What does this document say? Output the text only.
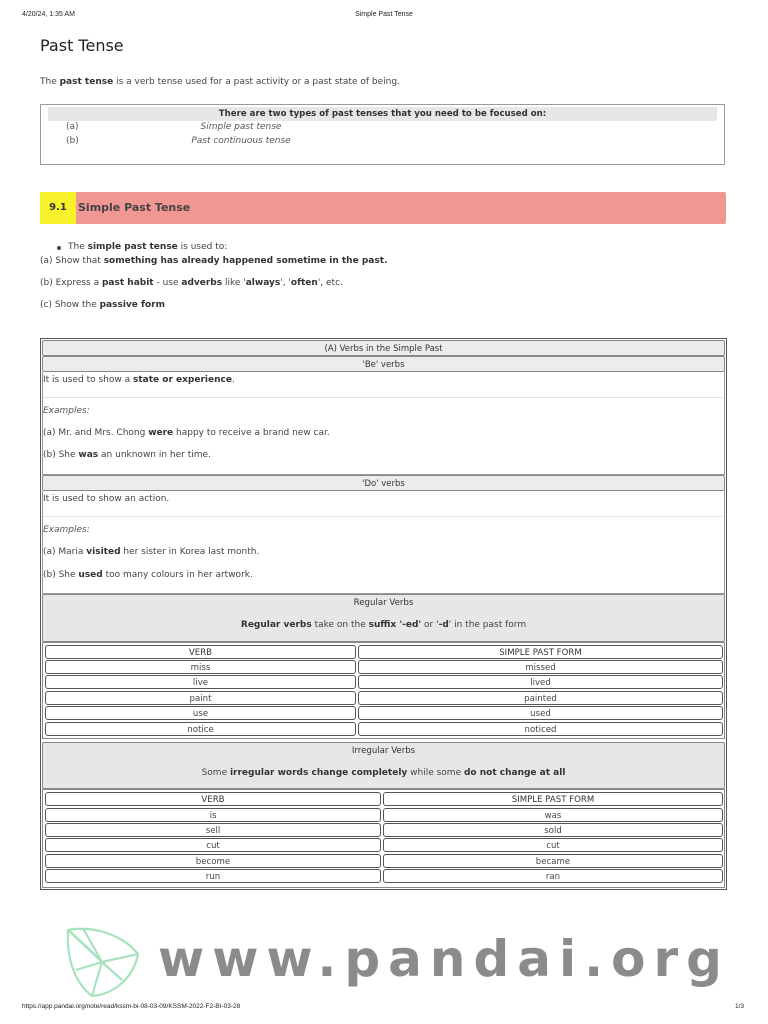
4/20/24, 1:35 AM	Simple Past Tense
Past Tense
The past tense is a verb tense used for a past activity or a past state of being.
There are two types of past tenses that you need to be focused on:
(a)	Simple past tense
(b)	Past continuous tense
9.1	Simple Past Tense
The simple past tense is used to:
(a) Show that something has already happened sometime in the past.
(b) Express a past habit - use adverbs like 'always', 'often', etc.
(c) Show the passive form
(A) Verbs in the Simple Past
'Be' verbs
It is used to show a state or experience.
Examples:
(a) Mr. and Mrs. Chong were happy to receive a brand new car.
(b) She was an unknown in her time.
'Do' verbs
It is used to show an action.
Examples:
(a) Maria visited her sister in Korea last month.
(b) She used too many colours in her artwork.
Regular Verbs
Regular verbs take on the suffix '-ed' or '-d' in the past form
VERB	SIMPLE PAST FORM
miss	missed
live	lived
paint	painted
use	used
notice	noticed
Irregular Verbs
Some irregular words change completely while some do not change at all
VERB	SIMPLE PAST FORM
is	was
sell	sold
cut	cut
become	became
run	ran
www.pandai.org
https://app.pandai.org/note/read/kssm-bi-08-03-09/KSSM-2022-F2-BI-03-28	1/3
